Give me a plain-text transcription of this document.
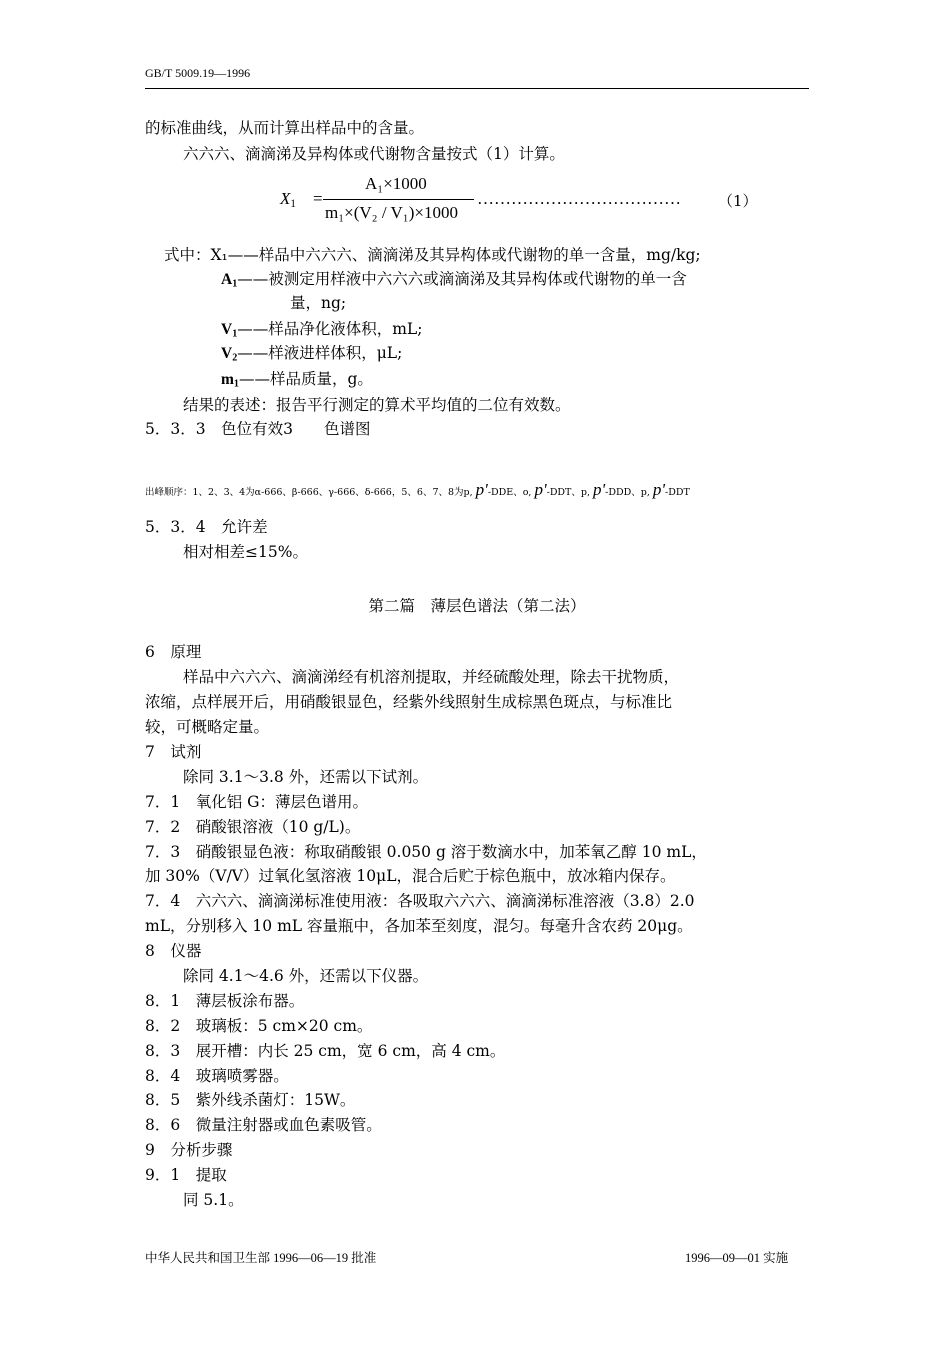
GB/T 5009.19—1996
的标准曲线，从而计算出样品中的含量。
六六六、滴滴涕及异构体或代谢物含量按式（1）计算。
$X_1$ =
A₁×1000
m₁×(V₂ / V₁)×1000
……………………………… （1）
式中：X₁——样品中六六六、滴滴涕及其异构体或代谢物的单一含量，mg/kg;
$A_1——$被测定用样液中六六六或滴滴涕及其异构体或代谢物的单一含
量，ng;
$V_1——$样品净化液体积，mL;
$V_2——$样液进样体积，μL;
$m_1——$样品质量，g。
结果的表述：报告平行测定的算术平均值的二位有效数。
5．3．3　色位有效3　　色谱图
出峰顺序：1、2、3、4为α-666、β-666、γ-666、δ-666，5、6、7、8为p, p'-DDE、o, p'-DDT、p, p'-DDD、p, p'-DDT
5．3．4　允许差
相对相差≤15%。
第二篇　薄层色谱法（第二法）
6　原理
样品中六六六、滴滴涕经有机溶剂提取，并经硫酸处理，除去干扰物质，
浓缩，点样展开后，用硝酸银显色，经紫外线照射生成棕黑色斑点，与标准比
较，可概略定量。
7　试剂
除同 3.1～3.8 外，还需以下试剂。
7．1　氧化铝 G：薄层色谱用。
7．2　硝酸银溶液（10 g/L)。
7．3　硝酸银显色液：称取硝酸银 0.050 g 溶于数滴水中，加苯氧乙醇 10 mL，
加 30%（V/V）过氧化氢溶液 10μL，混合后贮于棕色瓶中，放冰箱内保存。
7．4　六六六、滴滴涕标准使用液：各吸取六六六、滴滴涕标准溶液（3.8）2.0
mL，分别移入 10 mL 容量瓶中，各加苯至刻度，混匀。每毫升含农药 20μg。
8　仪器
除同 4.1～4.6 外，还需以下仪器。
8．1　薄层板涂布器。
8．2　玻璃板：5 cm×20 cm。
8．3　展开槽：内长 25 cm，宽 6 cm，高 4 cm。
8．4　玻璃喷雾器。
8．5　紫外线杀菌灯：15W。
8．6　微量注射器或血色素吸管。
9　分析步骤
9．1　提取
同 5.1。
中华人民共和国卫生部 1996—06—19 批准	1996—09—01 实施
